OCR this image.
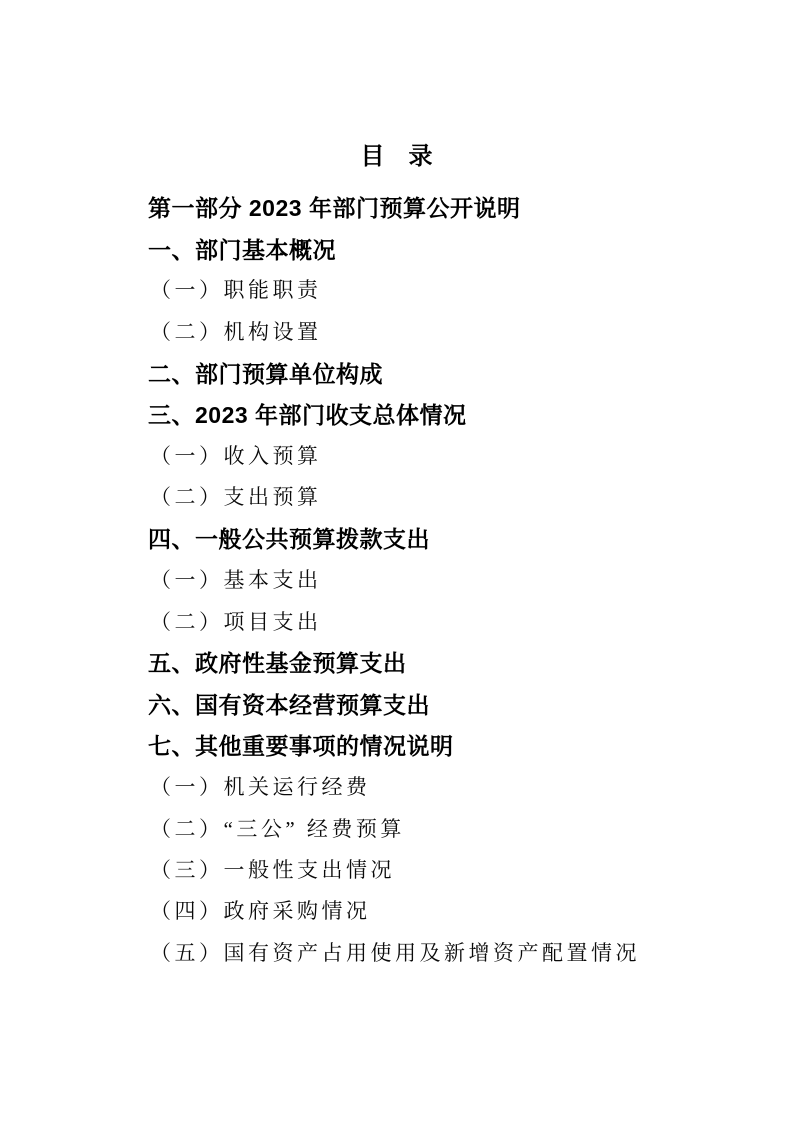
目　录
第一部分 2023 年部门预算公开说明
一、部门基本概况
（一）职能职责
（二）机构设置
二、部门预算单位构成
三、2023 年部门收支总体情况
（一）收入预算
（二）支出预算
四、一般公共预算拨款支出
（一）基本支出
（二）项目支出
五、政府性基金预算支出
六、国有资本经营预算支出
七、其他重要事项的情况说明
（一）机关运行经费
（二）“三公” 经费预算
（三）一般性支出情况
（四）政府采购情况
（五）国有资产占用使用及新增资产配置情况
